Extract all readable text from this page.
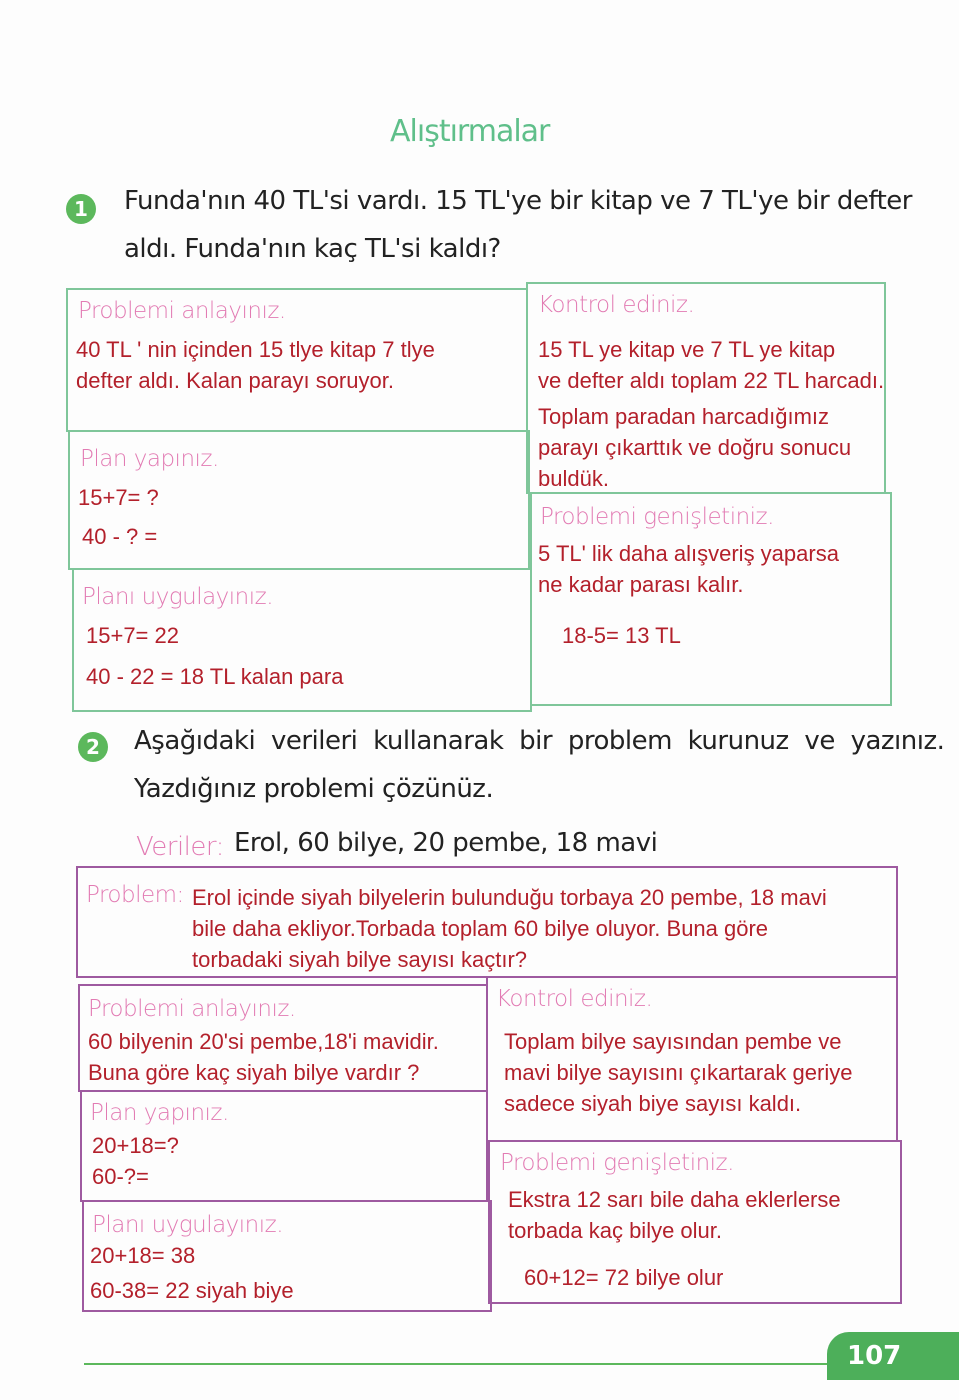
Alıştırmalar
1	Funda'nın 40 TL'si vardı. 15 TL'ye bir kitap ve 7 TL'ye bir defter
aldı. Funda'nın kaç TL'si kaldı?
Problemi anlayınız.
40 TL ' nin içinden 15 tlye kitap 7 tlye
defter aldı. Kalan parayı soruyor.
Plan yapınız.
15+7= ?
40 - ? =
Planı uygulayınız.
15+7= 22
40 - 22 = 18 TL kalan para
Kontrol ediniz.
15 TL ye kitap ve 7 TL ye kitap
ve defter aldı toplam 22 TL harcadı.
Toplam paradan harcadığımız
parayı çıkarttık ve doğru sonucu
buldük.
Problemi genişletiniz.
5 TL' lik daha alışveriş yaparsa
ne kadar parası kalır.
18-5= 13 TL
2	Aşağıdaki verileri kullanarak bir problem kurunuz ve yazınız.
Yazdığınız problemi çözünüz.
Veriler: Erol, 60 bilye, 20 pembe, 18 mavi
Problem: Erol içinde siyah bilyelerin bulunduğu torbaya 20 pembe, 18 mavi
bile daha ekliyor.Torbada toplam 60 bilye oluyor. Buna göre
torbadaki siyah bilye sayısı kaçtır?
Problemi anlayınız.
60 bilyenin 20'si pembe,18'i mavidir.
Buna göre kaç siyah bilye vardır ?
Plan yapınız.
20+18=?
60-?=
Planı uygulayınız.
20+18= 38
60-38= 22 siyah biye
Kontrol ediniz.
Toplam bilye sayısından pembe ve
mavi bilye sayısını çıkartarak geriye
sadece siyah biye sayısı kaldı.
Problemi genişletiniz.
Ekstra 12 sarı bile daha eklerlerse
torbada kaç bilye olur.
60+12= 72 bilye olur
107
